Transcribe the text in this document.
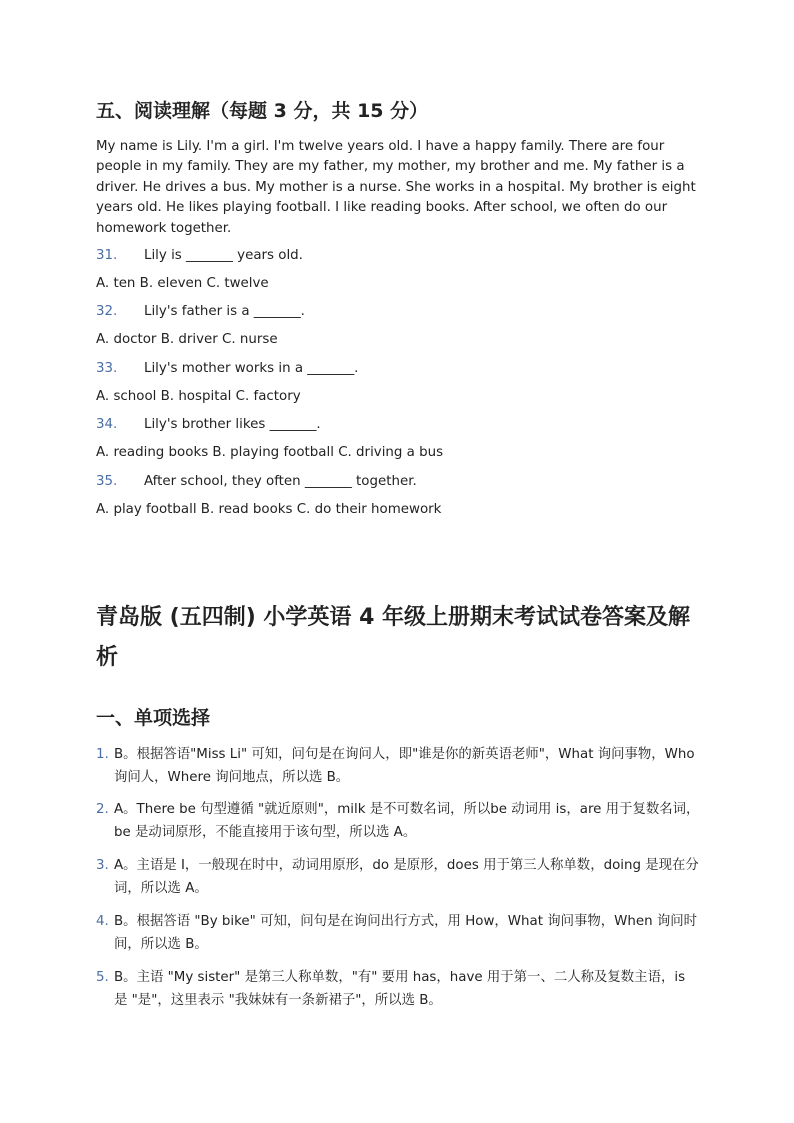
五、阅读理解（每题 3 分，共 15 分）

My name is Lily. I'm a girl. I'm twelve years old. I have a happy family. There are four people in my family. They are my father, my mother, my brother and me. My father is a driver. He drives a bus. My mother is a nurse. She works in a hospital. My brother is eight years old. He likes playing football. I like reading books. After school, we often do our homework together.

31. Lily is _______ years old.
A. ten B. eleven C. twelve
32. Lily's father is a _______.
A. doctor B. driver C. nurse
33. Lily's mother works in a _______.
A. school B. hospital C. factory
34. Lily's brother likes _______.
A. reading books B. playing football C. driving a bus
35. After school, they often _______ together.
A. play football B. read books C. do their homework
青岛版 (五四制) 小学英语 4 年级上册期末考试试卷答案及解析
一、单项选择
1. B。根据答语"Miss Li" 可知，问句是在询问人，即"谁是你的新英语老师"，What 询问事物，Who 询问人，Where 询问地点，所以选 B。
2. A。There be 句型遵循 "就近原则"，milk 是不可数名词，所以be 动词用 is，are 用于复数名词，be 是动词原形，不能直接用于该句型，所以选 A。
3. A。主语是 I，一般现在时中，动词用原形，do 是原形，does 用于第三人称单数，doing 是现在分词，所以选 A。
4. B。根据答语 "By bike" 可知，问句是在询问出行方式，用 How，What 询问事物，When 询问时间，所以选 B。
5. B。主语 "My sister" 是第三人称单数，"有" 要用 has，have 用于第一、二人称及复数主语，is 是 "是"，这里表示 "我妹妹有一条新裙子"，所以选 B。
